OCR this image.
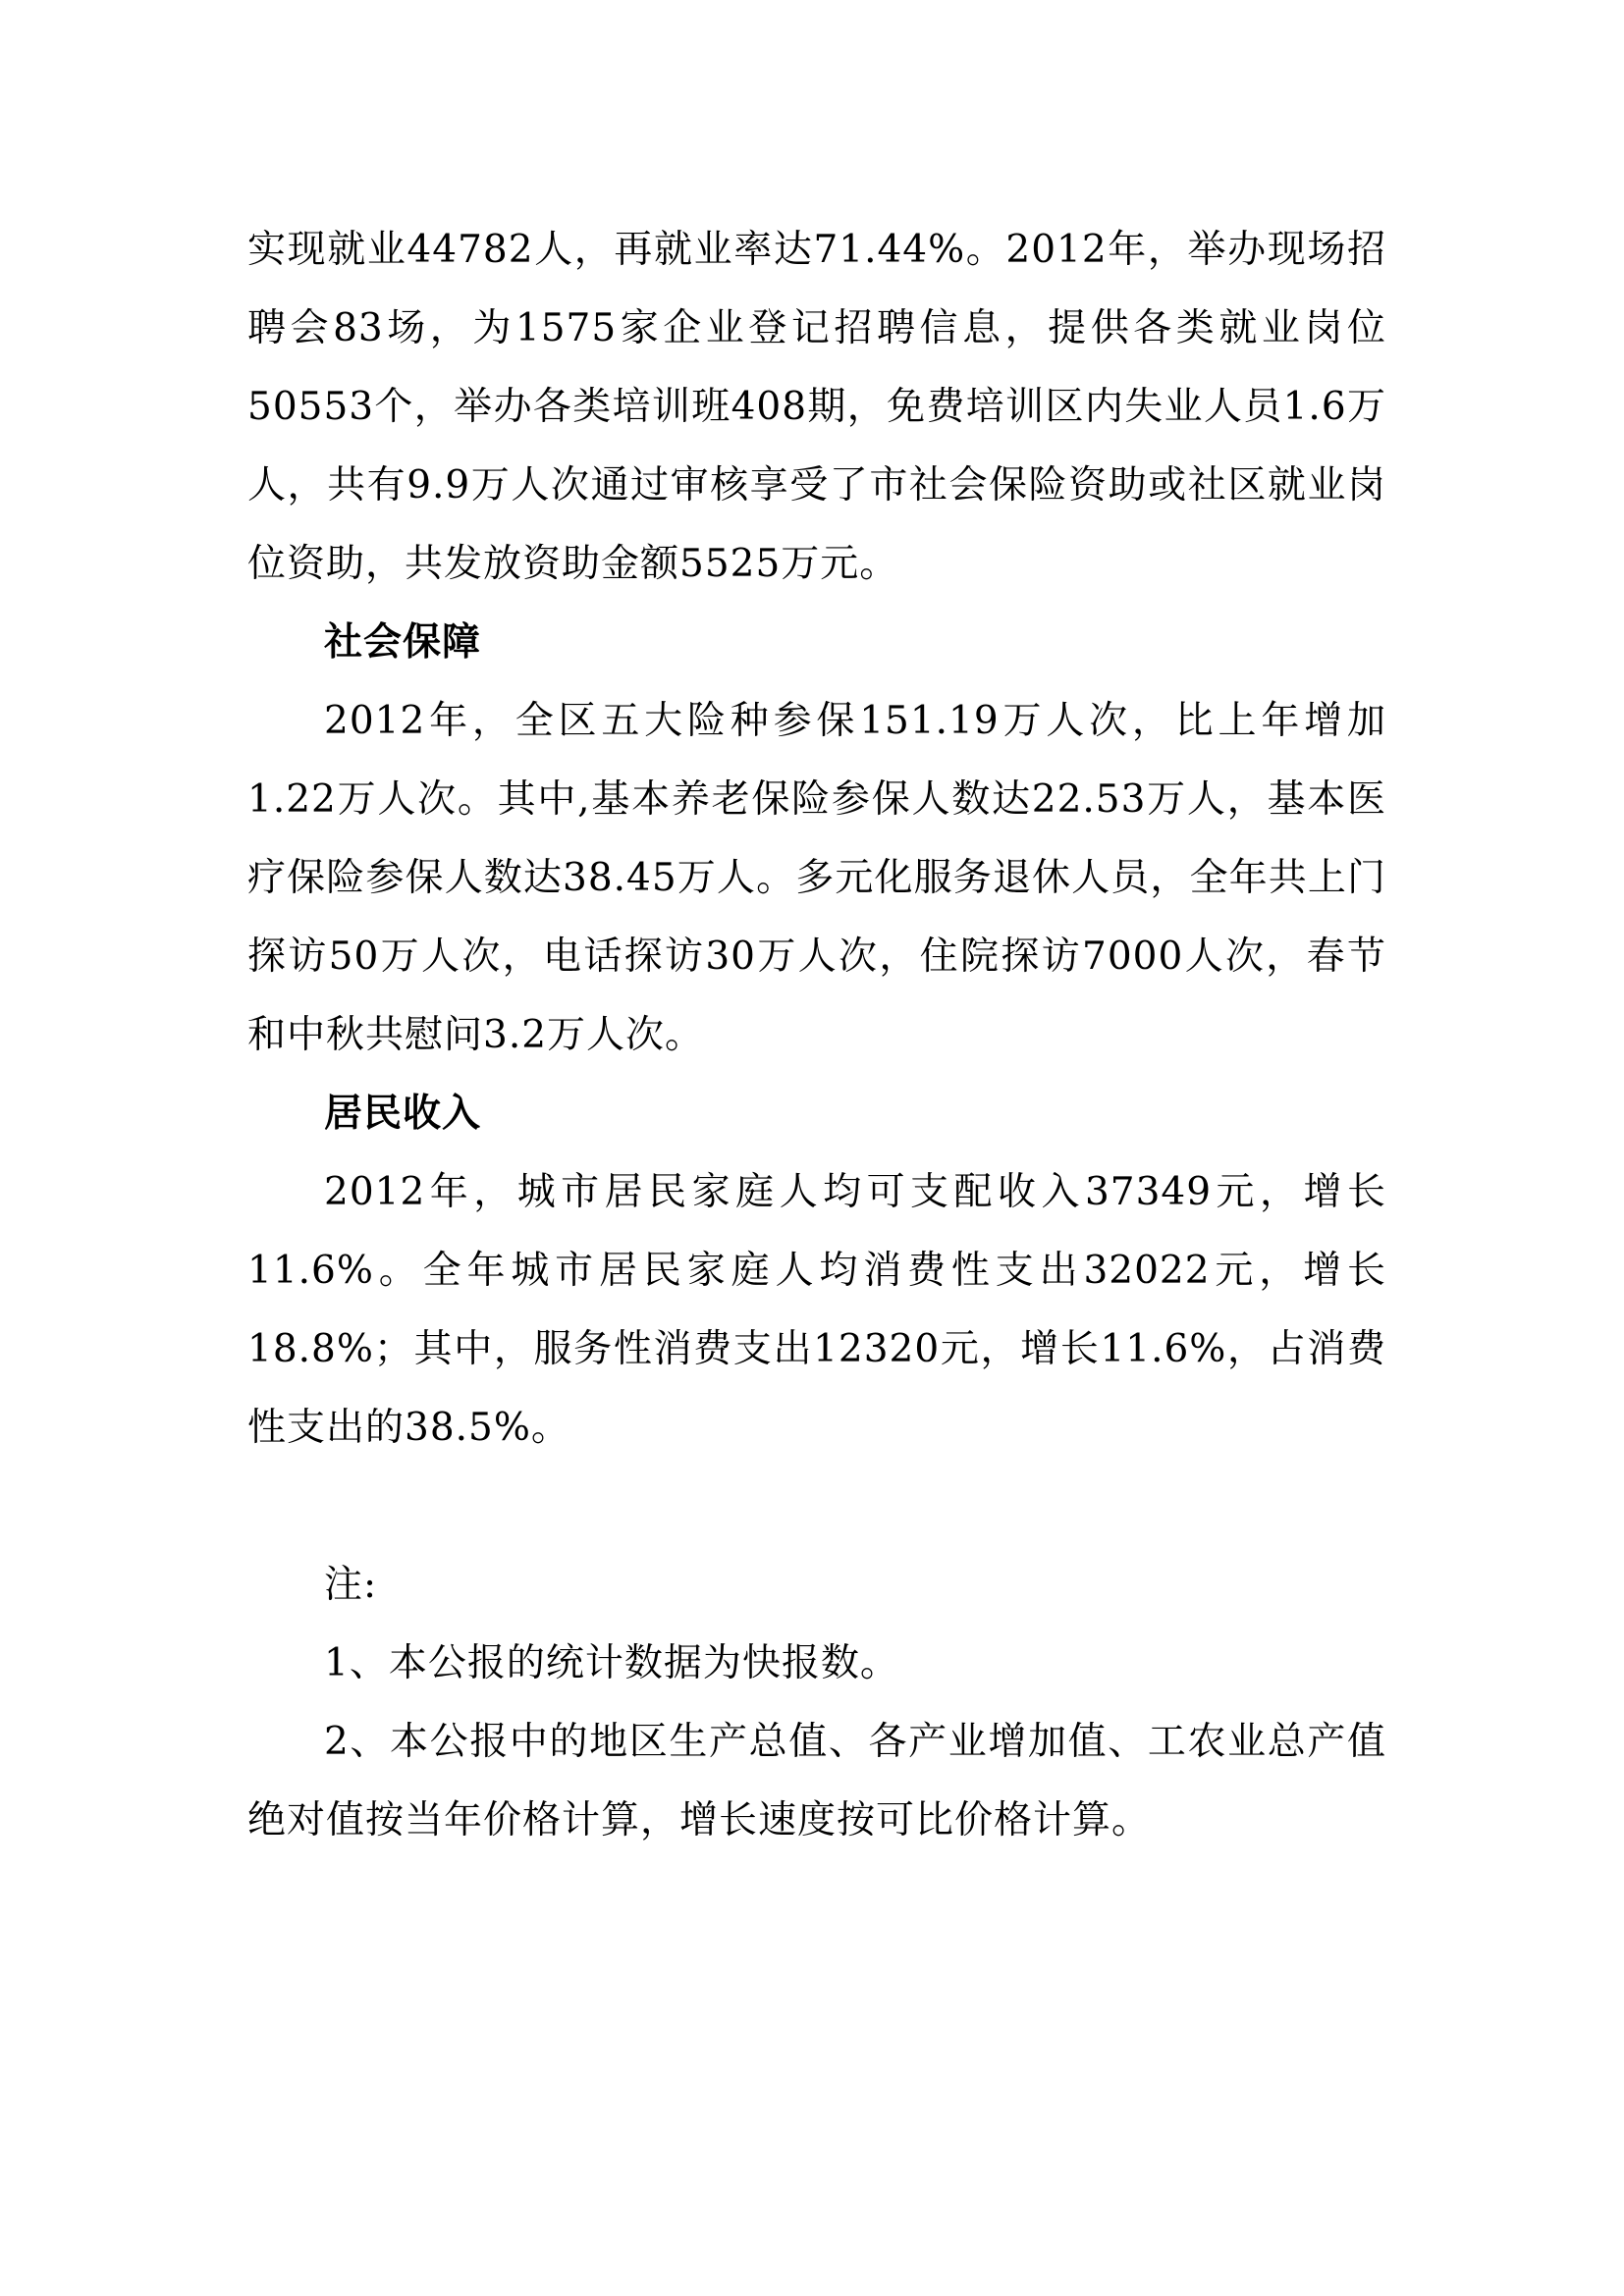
实现就业44782人，再就业率达71.44%。2012年，举办现场招聘会83场，为1575家企业登记招聘信息，提供各类就业岗位50553个，举办各类培训班408期，免费培训区内失业人员1.6万人，共有9.9万人次通过审核享受了市社会保险资助或社区就业岗位资助，共发放资助金额5525万元。

社会保障

2012年，全区五大险种参保151.19万人次，比上年增加1.22万人次。其中,基本养老保险参保人数达22.53万人，基本医疗保险参保人数达38.45万人。多元化服务退休人员，全年共上门探访50万人次，电话探访30万人次，住院探访7000人次，春节和中秋共慰问3.2万人次。

居民收入

2012年，城市居民家庭人均可支配收入37349元，增长11.6%。全年城市居民家庭人均消费性支出32022元，增长18.8%；其中，服务性消费支出12320元，增长11.6%，占消费性支出的38.5%。

注:

1、本公报的统计数据为快报数。

2、本公报中的地区生产总值、各产业增加值、工农业总产值绝对值按当年价格计算，增长速度按可比价格计算。
